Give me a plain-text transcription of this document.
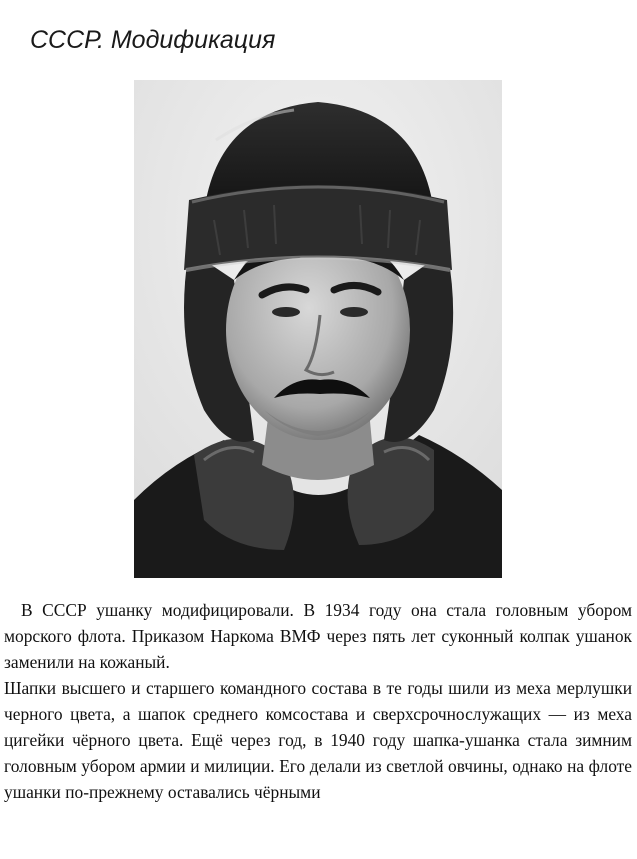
СССР. Модификация

В СССР ушанку модифицировали. В 1934 году она стала головным убором морского флота. Приказом Наркома ВМФ через пять лет суконный колпак ушанок заменили на кожаный.

Шапки высшего и старшего командного состава в те годы шили из меха мерлушки черного цвета, а шапок среднего комсостава и сверхсрочнослужащих — из меха цигейки чёрного цвета. Ещё через год, в 1940 году шапка-ушанка стала зимним головным убором армии и милиции. Его делали из светлой овчины, однако на флоте ушанки по-прежнему оставались чёрными
